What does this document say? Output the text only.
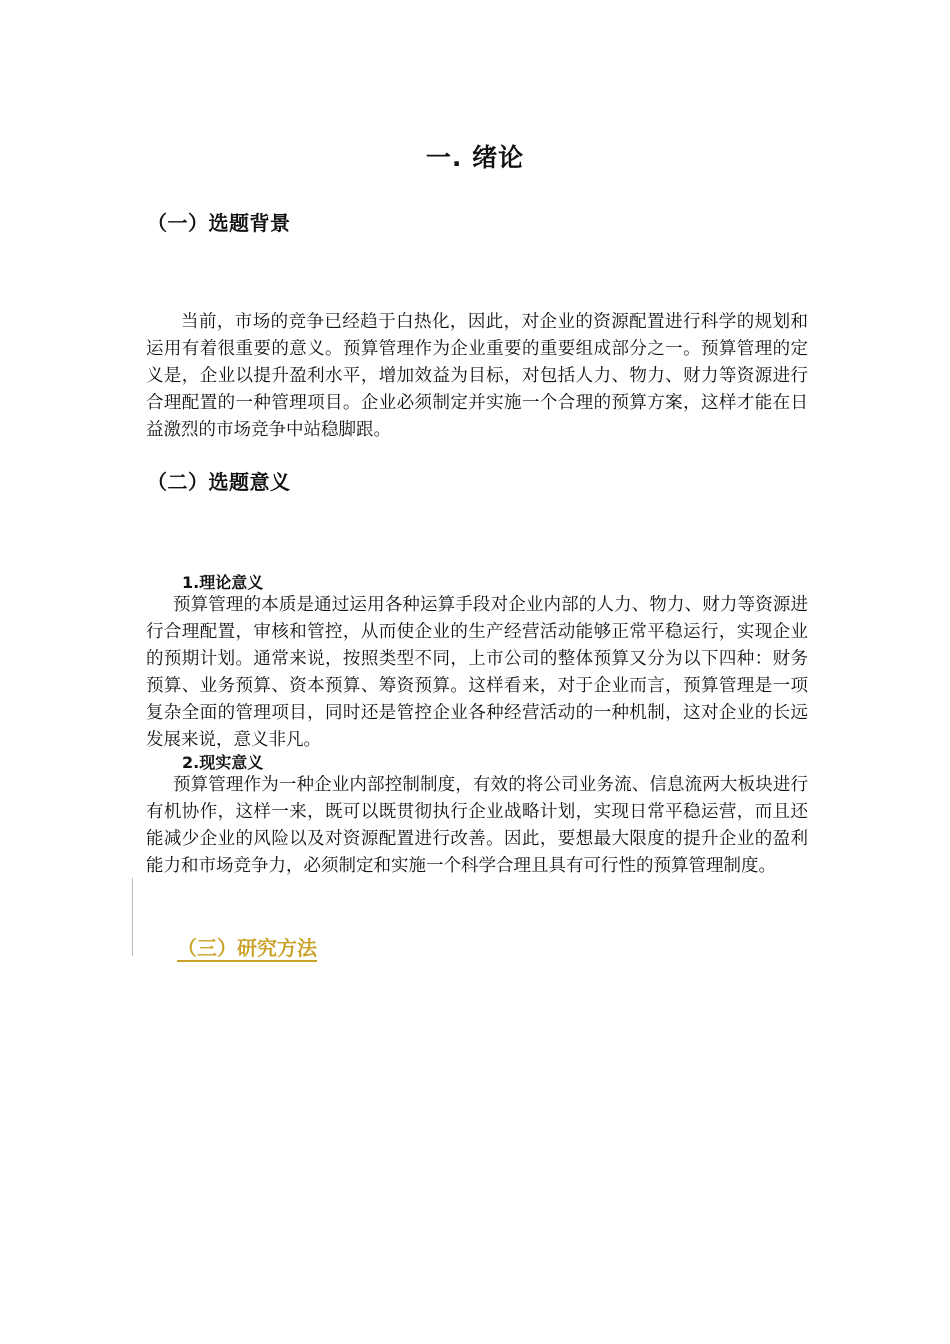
一. 绪论
（一）选题背景

当前，市场的竞争已经趋于白热化，因此，对企业的资源配置进行科学的规划和运用有着很重要的意义。预算管理作为企业重要的重要组成部分之一。预算管理的定义是，企业以提升盈利水平，增加效益为目标，对包括人力、物力、财力等资源进行合理配置的一种管理项目。企业必须制定并实施一个合理的预算方案，这样才能在日益激烈的市场竞争中站稳脚跟。

（二）选题意义
1.理论意义

预算管理的本质是通过运用各种运算手段对企业内部的人力、物力、财力等资源进行合理配置，审核和管控，从而使企业的生产经营活动能够正常平稳运行，实现企业的预期计划。通常来说，按照类型不同，上市公司的整体预算又分为以下四种：财务预算、业务预算、资本预算、筹资预算。这样看来，对于企业而言，预算管理是一项复杂全面的管理项目，同时还是管控企业各种经营活动的一种机制，这对企业的长远发展来说，意义非凡。

2.现实意义

预算管理作为一种企业内部控制制度，有效的将公司业务流、信息流两大板块进行有机协作，这样一来，既可以既贯彻执行企业战略计划，实现日常平稳运营，而且还能减少企业的风险以及对资源配置进行改善。因此，要想最大限度的提升企业的盈利能力和市场竞争力，必须制定和实施一个科学合理且具有可行性的预算管理制度。

（三）研究方法
